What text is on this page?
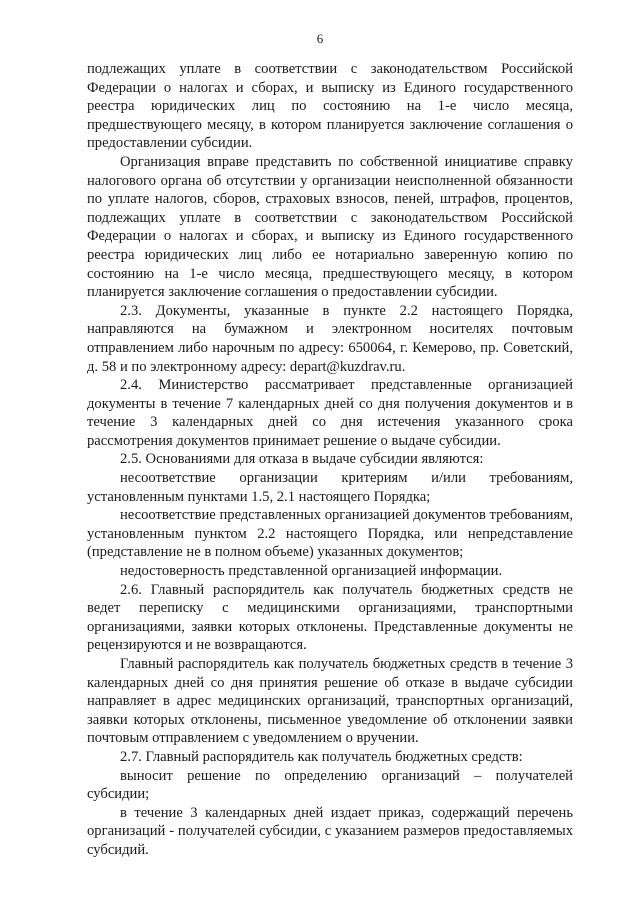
6

подлежащих уплате в соответствии с законодательством Российской Федерации о налогах и сборах, и выписку из Единого государственного реестра юридических лиц по состоянию на 1-е число месяца, предшествующего месяцу, в котором планируется заключение соглашения о предоставлении субсидии.

Организация вправе представить по собственной инициативе справку налогового органа об отсутствии у организации неисполненной обязанности по уплате налогов, сборов, страховых взносов, пеней, штрафов, процентов, подлежащих уплате в соответствии с законодательством Российской Федерации о налогах и сборах, и выписку из Единого государственного реестра юридических лиц либо ее нотариально заверенную копию по состоянию на 1-е число месяца, предшествующего месяцу, в котором планируется заключение соглашения о предоставлении субсидии.

2.3. Документы, указанные в пункте 2.2 настоящего Порядка, направляются на бумажном и электронном носителях почтовым отправлением либо нарочным по адресу: 650064, г. Кемерово, пр. Советский, д. 58 и по электронному адресу: depart@kuzdrav.ru.

2.4. Министерство рассматривает представленные организацией документы в течение 7 календарных дней со дня получения документов и в течение 3 календарных дней со дня истечения указанного срока рассмотрения документов принимает решение о выдаче субсидии.

2.5. Основаниями для отказа в выдаче субсидии являются:

несоответствие организации критериям и/или требованиям, установленным пунктами 1.5, 2.1 настоящего Порядка;

несоответствие представленных организацией документов требованиям, установленным пунктом 2.2 настоящего Порядка, или непредставление (представление не в полном объеме) указанных документов;

недостоверность представленной организацией информации.

2.6. Главный распорядитель как получатель бюджетных средств не ведет переписку с медицинскими организациями, транспортными организациями, заявки которых отклонены. Представленные документы не рецензируются и не возвращаются.

Главный распорядитель как получатель бюджетных средств в течение 3 календарных дней со дня принятия решение об отказе в выдаче субсидии направляет в адрес медицинских организаций, транспортных организаций, заявки которых отклонены, письменное уведомление об отклонении заявки почтовым отправлением с уведомлением о вручении.

2.7. Главный распорядитель как получатель бюджетных средств:

выносит решение по определению организаций – получателей субсидии;

в течение 3 календарных дней издает приказ, содержащий перечень организаций - получателей субсидии, с указанием размеров предоставляемых субсидий.
